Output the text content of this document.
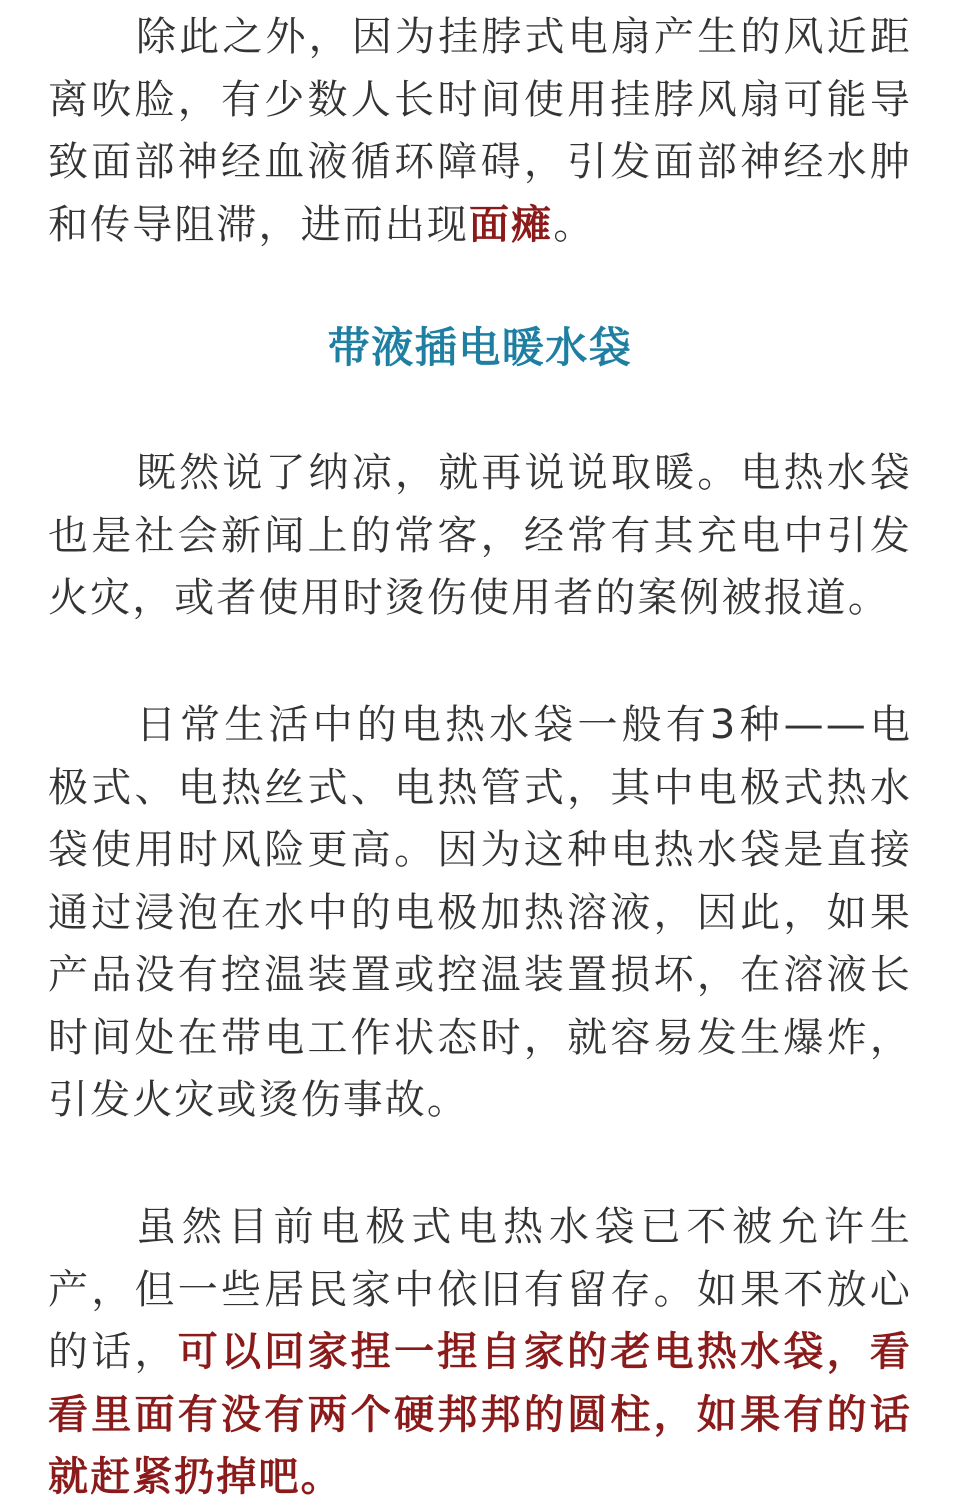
除此之外，因为挂脖式电扇产生的风近距离吹脸，有少数人长时间使用挂脖风扇可能导致面部神经血液循环障碍，引发面部神经水肿和传导阻滞，进而出现面瘫。

带液插电暖水袋

既然说了纳凉，就再说说取暖。电热水袋也是社会新闻上的常客，经常有其充电中引发火灾，或者使用时烫伤使用者的案例被报道。

日常生活中的电热水袋一般有3种——电极式、电热丝式、电热管式，其中电极式热水袋使用时风险更高。因为这种电热水袋是直接通过浸泡在水中的电极加热溶液，因此，如果产品没有控温装置或控温装置损坏，在溶液长时间处在带电工作状态时，就容易发生爆炸，引发火灾或烫伤事故。

虽然目前电极式电热水袋已不被允许生产，但一些居民家中依旧有留存。如果不放心的话，可以回家捏一捏自家的老电热水袋，看看里面有没有两个硬邦邦的圆柱，如果有的话就赶紧扔掉吧。
